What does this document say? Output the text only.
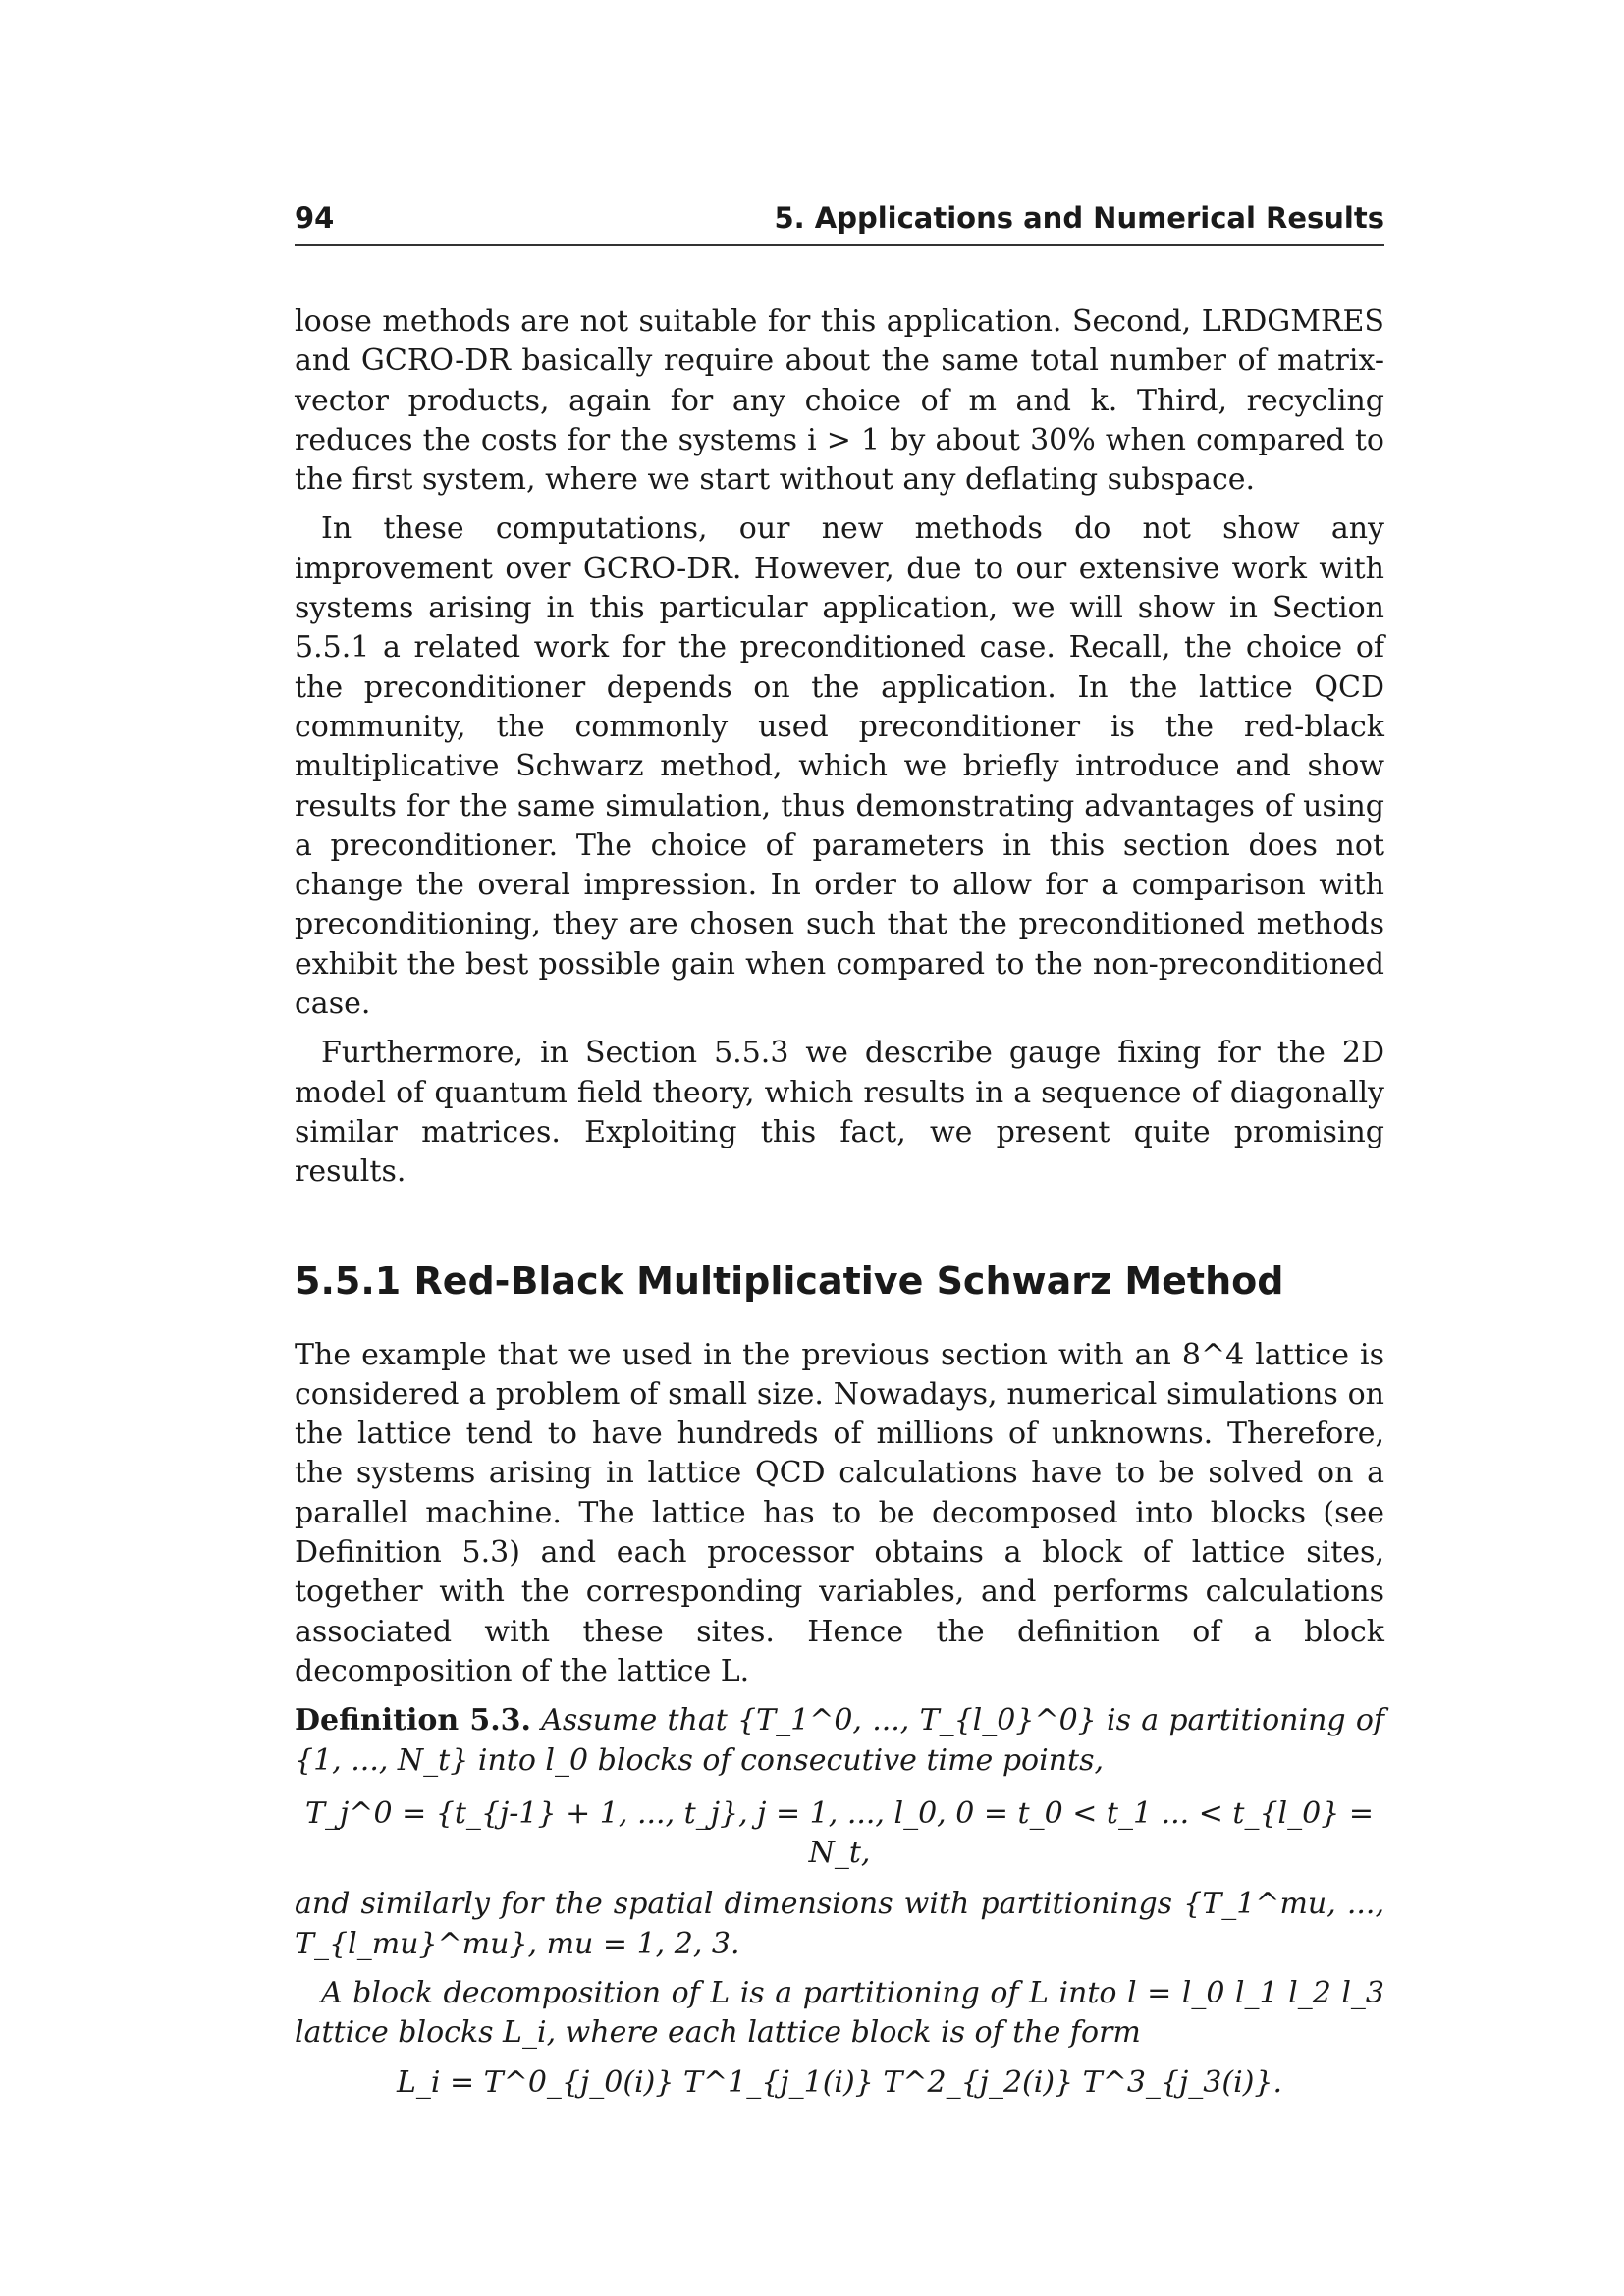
94	5. Applications and Numerical Results

loose methods are not suitable for this application. Second, LRDGMRES and GCRO-DR basically require about the same total number of matrix-vector products, again for any choice of m and k. Third, recycling reduces the costs for the systems i > 1 by about 30% when compared to the first system, where we start without any deflating subspace.

In these computations, our new methods do not show any improvement over GCRO-DR. However, due to our extensive work with systems arising in this particular application, we will show in Section 5.5.1 a related work for the preconditioned case. Recall, the choice of the preconditioner depends on the application. In the lattice QCD community, the commonly used preconditioner is the red-black multiplicative Schwarz method, which we briefly introduce and show results for the same simulation, thus demonstrating advantages of using a preconditioner. The choice of parameters in this section does not change the overal impression. In order to allow for a comparison with preconditioning, they are chosen such that the preconditioned methods exhibit the best possible gain when compared to the non-preconditioned case.

Furthermore, in Section 5.5.3 we describe gauge fixing for the 2D model of quantum field theory, which results in a sequence of diagonally similar matrices. Exploiting this fact, we present quite promising results.

5.5.1 Red-Black Multiplicative Schwarz Method

The example that we used in the previous section with an 8^4 lattice is considered a problem of small size. Nowadays, numerical simulations on the lattice tend to have hundreds of millions of unknowns. Therefore, the systems arising in lattice QCD calculations have to be solved on a parallel machine. The lattice has to be decomposed into blocks (see Definition 5.3) and each processor obtains a block of lattice sites, together with the corresponding variables, and performs calculations associated with these sites. Hence the definition of a block decomposition of the lattice L.

Definition 5.3. Assume that {T_1^0, ..., T_{l_0}^0} is a partitioning of {1, ..., N_t} into l_0 blocks of consecutive time points,

T_j^0 = {t_{j-1} + 1, ..., t_j}, j = 1, ..., l_0, 0 = t_0 < t_1 ... < t_{l_0} = N_t,

and similarly for the spatial dimensions with partitionings {T_1^mu, ..., T_{l_mu}^mu}, mu = 1, 2, 3.

A block decomposition of L is a partitioning of L into l = l_0 l_1 l_2 l_3 lattice blocks L_i, where each lattice block is of the form

L_i = T^0_{j_0(i)} T^1_{j_1(i)} T^2_{j_2(i)} T^3_{j_3(i)}.
